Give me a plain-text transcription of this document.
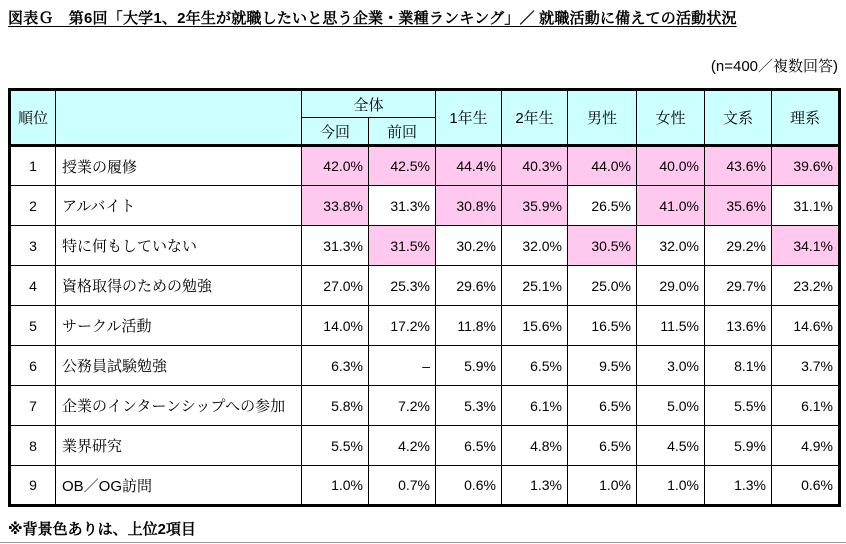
図表Ｇ　第6回「大学1、2年生が就職したいと思う企業・業種ランキング」／ 就職活動に備えての活動状況
(n=400／複数回答)
順位		全体		1年生	2年生	男性	女性	文系	理系
		今回	前回						
1	授業の履修	42.0%	42.5%	44.4%	40.3%	44.0%	40.0%	43.6%	39.6%
2	アルバイト	33.8%	31.3%	30.8%	35.9%	26.5%	41.0%	35.6%	31.1%
3	特に何もしていない	31.3%	31.5%	30.2%	32.0%	30.5%	32.0%	29.2%	34.1%
4	資格取得のための勉強	27.0%	25.3%	29.6%	25.1%	25.0%	29.0%	29.7%	23.2%
5	サークル活動	14.0%	17.2%	11.8%	15.6%	16.5%	11.5%	13.6%	14.6%
6	公務員試験勉強	6.3%	–	5.9%	6.5%	9.5%	3.0%	8.1%	3.7%
7	企業のインターンシップへの参加	5.8%	7.2%	5.3%	6.1%	6.5%	5.0%	5.5%	6.1%
8	業界研究	5.5%	4.2%	6.5%	4.8%	6.5%	4.5%	5.9%	4.9%
9	OB／OG訪問	1.0%	0.7%	0.6%	1.3%	1.0%	1.0%	1.3%	0.6%
※背景色ありは、上位2項目
